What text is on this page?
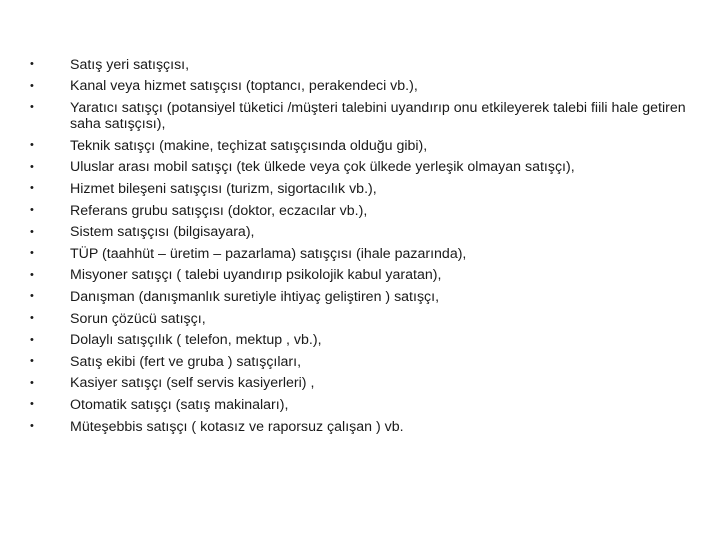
•	Satış yeri satışçısı,
•	Kanal veya hizmet satışçısı (toptancı, perakendeci vb.),
•	Yaratıcı satışçı (potansiyel tüketici /müşteri talebini uyandırıp onu etkileyerek talebi fiili hale getiren saha satışçısı),
•	Teknik satışçı (makine, teçhizat satışçısında olduğu gibi),
•	Uluslar arası mobil satışçı (tek ülkede veya çok ülkede yerleşik olmayan satışçı),
•	Hizmet bileşeni satışçısı (turizm, sigortacılık vb.),
•	Referans grubu satışçısı (doktor, eczacılar vb.),
•	Sistem satışçısı (bilgisayara),
•	TÜP (taahhüt – üretim – pazarlama) satışçısı (ihale pazarında),
•	Misyoner satışçı ( talebi uyandırıp psikolojik kabul yaratan),
•	Danışman (danışmanlık suretiyle ihtiyaç geliştiren ) satışçı,
•	Sorun çözücü satışçı,
•	Dolaylı satışçılık ( telefon, mektup , vb.),
•	Satış ekibi (fert ve gruba ) satışçıları,
•	Kasiyer satışçı (self servis kasiyerleri) ,
•	Otomatik satışçı (satış makinaları),
•	Müteşebbis satışçı ( kotasız ve raporsuz çalışan ) vb.
